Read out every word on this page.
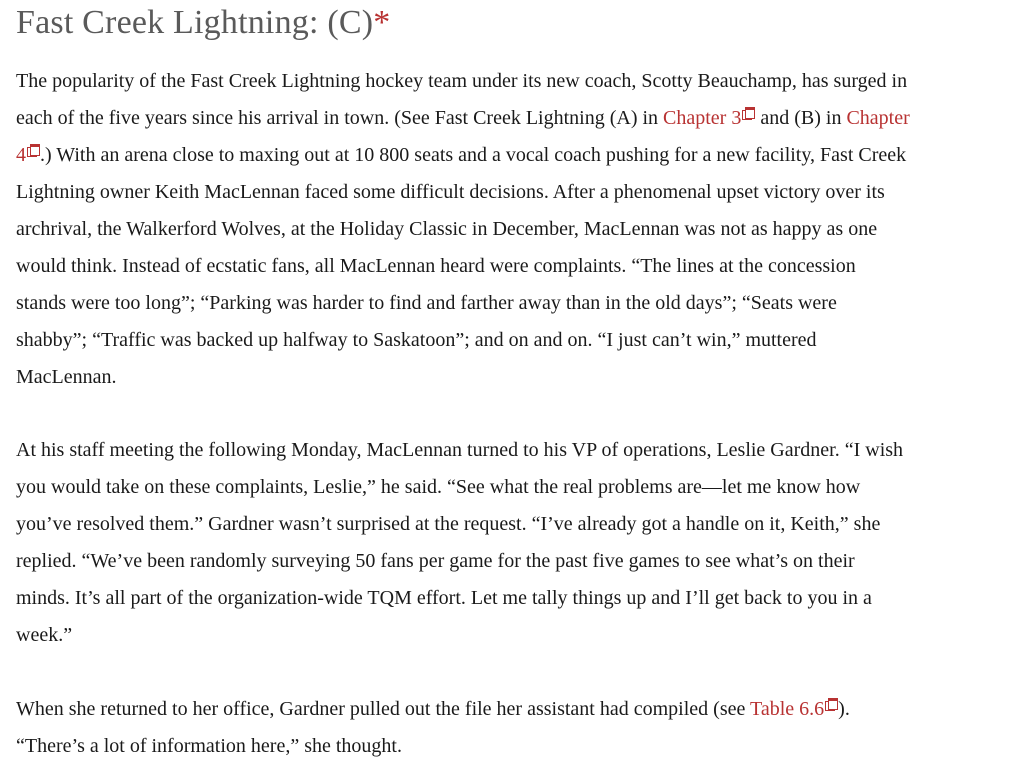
Fast Creek Lightning: (C)*

The popularity of the Fast Creek Lightning hockey team under its new coach, Scotty Beauchamp, has surged in
each of the five years since his arrival in town. (See Fast Creek Lightning (A) in Chapter 3 and (B) in Chapter
4 .) With an arena close to maxing out at 10 800 seats and a vocal coach pushing for a new facility, Fast Creek
Lightning owner Keith MacLennan faced some difficult decisions. After a phenomenal upset victory over its
archrival, the Walkerford Wolves, at the Holiday Classic in December, MacLennan was not as happy as one
would think. Instead of ecstatic fans, all MacLennan heard were complaints. “The lines at the concession
stands were too long”; “Parking was harder to find and farther away than in the old days”; “Seats were
shabby”; “Traffic was backed up halfway to Saskatoon”; and on and on. “I just can’t win,” muttered
MacLennan.

At his staff meeting the following Monday, MacLennan turned to his VP of operations, Leslie Gardner. “I wish
you would take on these complaints, Leslie,” he said. “See what the real problems are—let me know how
you’ve resolved them.” Gardner wasn’t surprised at the request. “I’ve already got a handle on it, Keith,” she
replied. “We’ve been randomly surveying 50 fans per game for the past five games to see what’s on their
minds. It’s all part of the organization-wide TQM effort. Let me tally things up and I’ll get back to you in a
week.”

When she returned to her office, Gardner pulled out the file her assistant had compiled (see Table 6.6 ).
“There’s a lot of information here,” she thought.
